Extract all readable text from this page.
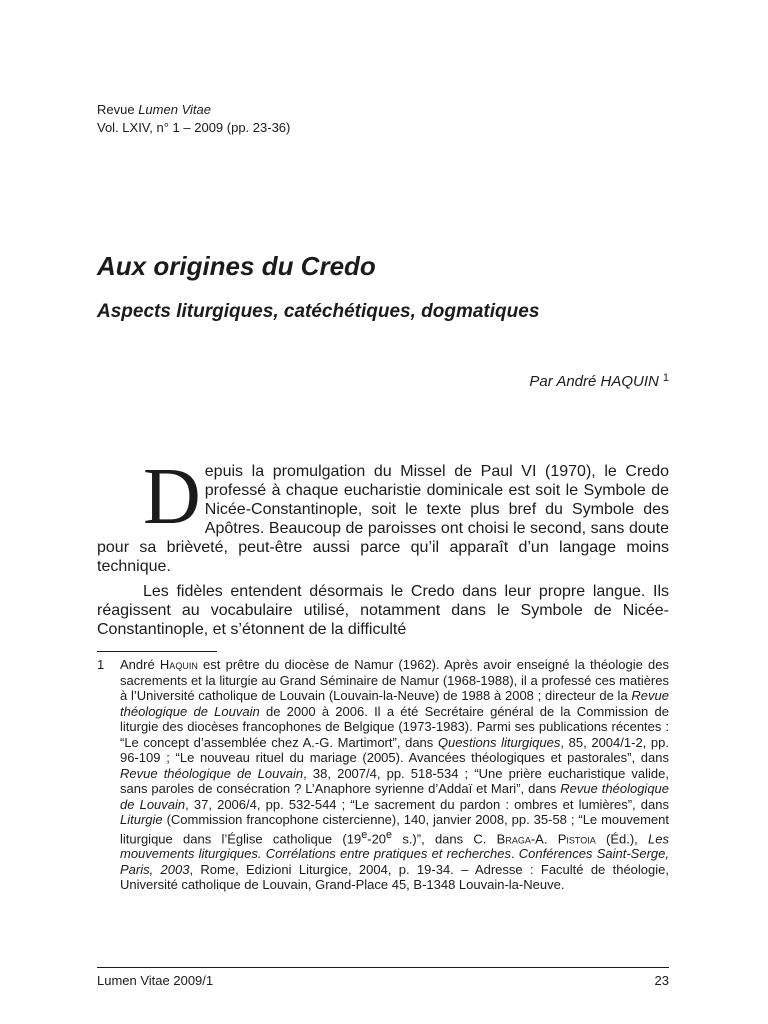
Revue Lumen Vitae
Vol. LXIV, n° 1 – 2009 (pp. 23-36)
Aux origines du Credo
Aspects liturgiques, catéchétiques, dogmatiques
Par André HAQUIN $^1$

Depuis la promulgation du Missel de Paul VI (1970), le Credo professé à chaque eucharistie dominicale est soit le Symbole de Nicée-Constantinople, soit le texte plus bref du Symbole des Apôtres. Beaucoup de paroisses ont choisi le second, sans doute pour sa brièveté, peut-être aussi parce qu’il apparaît d’un langage moins technique.

Les fidèles entendent désormais le Credo dans leur propre langue. Ils réagissent au vocabulaire utilisé, notamment dans le Symbole de Nicée-Constantinople, et s’étonnent de la difficulté

1 André Haquin est prêtre du diocèse de Namur (1962). Après avoir enseigné la théologie des sacrements et la liturgie au Grand Séminaire de Namur (1968-1988), il a professé ces matières à l’Université catholique de Louvain (Louvain-la-Neuve) de 1988 à 2008 ; directeur de la Revue théologique de Louvain de 2000 à 2006. Il a été Secrétaire général de la Commission de liturgie des diocèses francophones de Belgique (1973-1983). Parmi ses publications récentes : “Le concept d’assemblée chez A.-G. Martimort”, dans Questions liturgiques, 85, 2004/1-2, pp. 96-109 ; “Le nouveau rituel du mariage (2005). Avancées théologiques et pastorales”, dans Revue théologique de Louvain, 38, 2007/4, pp. 518-534 ; “Une prière eucharistique valide, sans paroles de consécration ? L’Anaphore syrienne d’Addaï et Mari”, dans Revue théologique de Louvain, 37, 2006/4, pp. 532-544 ; “Le sacrement du pardon : ombres et lumières”, dans Liturgie (Commission francophone cistercienne), 140, janvier 2008, pp. 35-58 ; “Le mouvement liturgique dans l’Église catholique (19e-20e s.)”, dans C. Braga-A. Pistoia (Éd.), Les mouvements liturgiques. Corrélations entre pratiques et recherches. Conférences Saint-Serge, Paris, 2003, Rome, Edizioni Liturgice, 2004, p. 19-34. – Adresse : Faculté de théologie, Université catholique de Louvain, Grand-Place 45, B-1348 Louvain-la-Neuve.
Lumen Vitae 2009/1	23
